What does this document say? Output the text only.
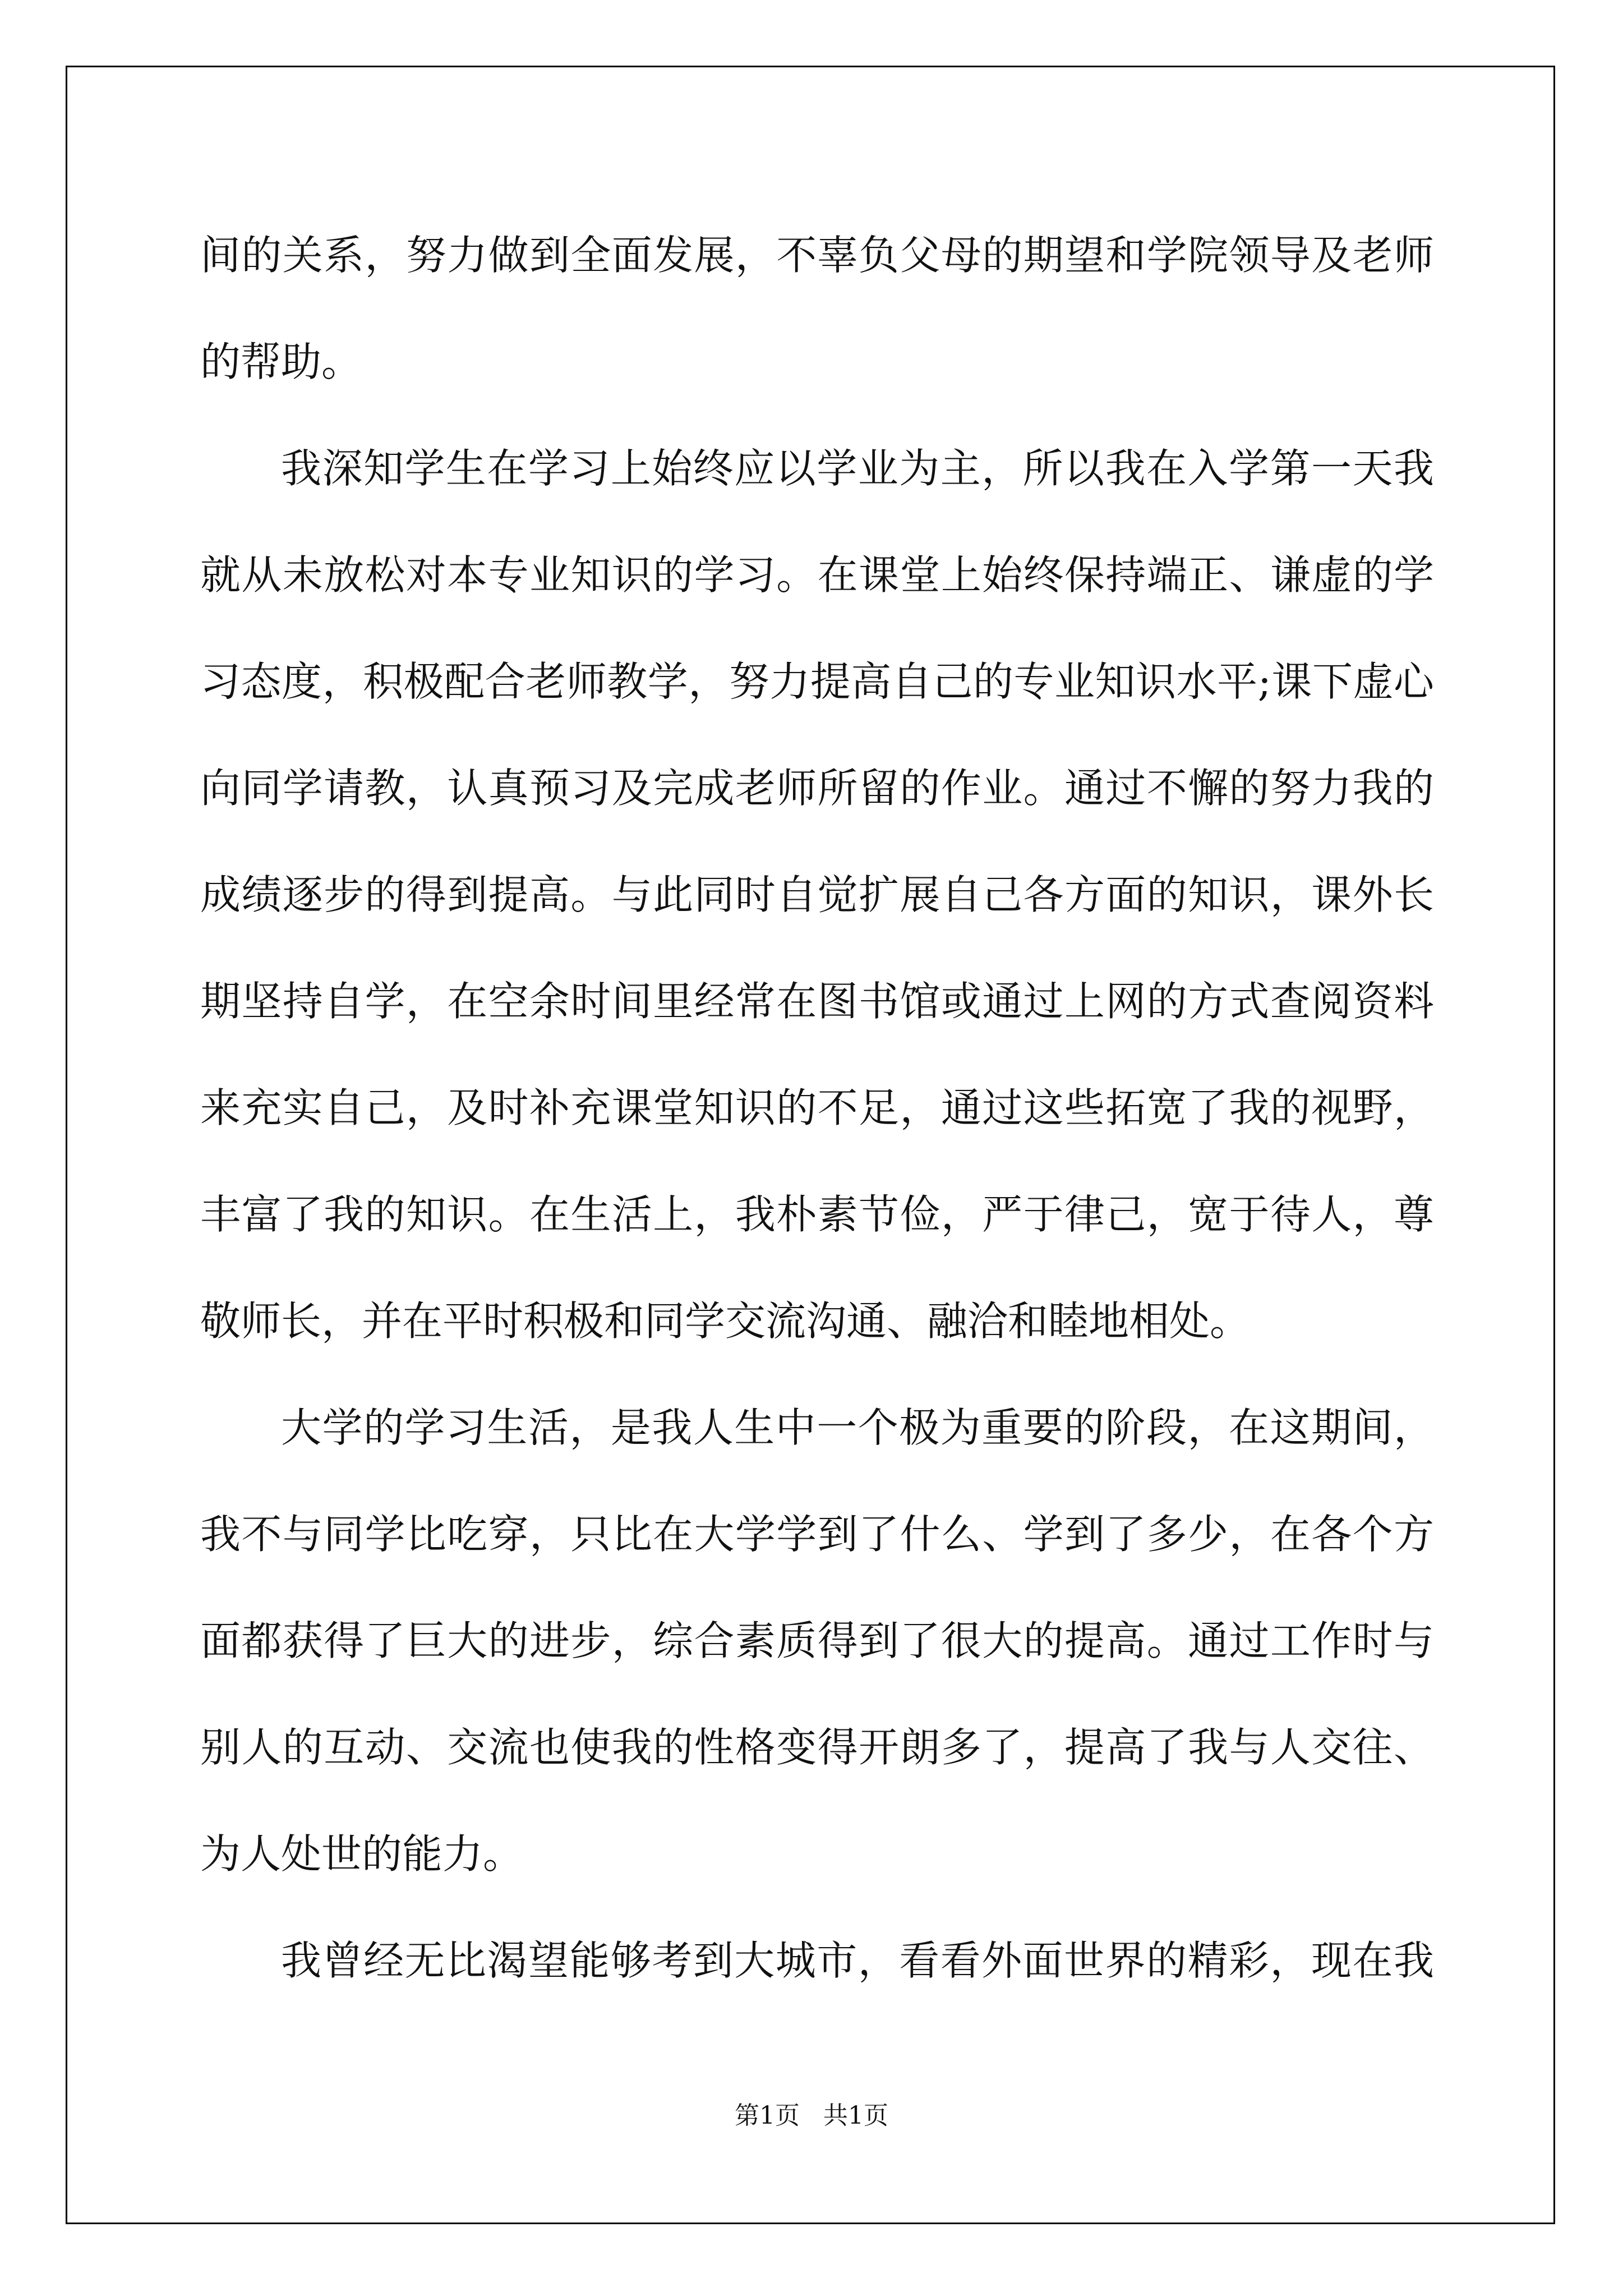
间的关系，努力做到全面发展，不辜负父母的期望和学院领导及老师
的帮助。
我深知学生在学习上始终应以学业为主，所以我在入学第一天我
就从未放松对本专业知识的学习。在课堂上始终保持端正、谦虚的学
习态度，积极配合老师教学，努力提高自己的专业知识水平;课下虚心
向同学请教，认真预习及完成老师所留的作业。通过不懈的努力我的
成绩逐步的得到提高。与此同时自觉扩展自己各方面的知识，课外长
期坚持自学，在空余时间里经常在图书馆或通过上网的方式查阅资料
来充实自己，及时补充课堂知识的不足，通过这些拓宽了我的视野，
丰富了我的知识。在生活上，我朴素节俭，严于律己，宽于待人，尊
敬师长，并在平时积极和同学交流沟通、融洽和睦地相处。
大学的学习生活，是我人生中一个极为重要的阶段，在这期间，
我不与同学比吃穿，只比在大学学到了什么、学到了多少，在各个方
面都获得了巨大的进步，综合素质得到了很大的提高。通过工作时与
别人的互动、交流也使我的性格变得开朗多了，提高了我与人交往、
为人处世的能力。
我曾经无比渴望能够考到大城市，看看外面世界的精彩，现在我
第1页   共1页
